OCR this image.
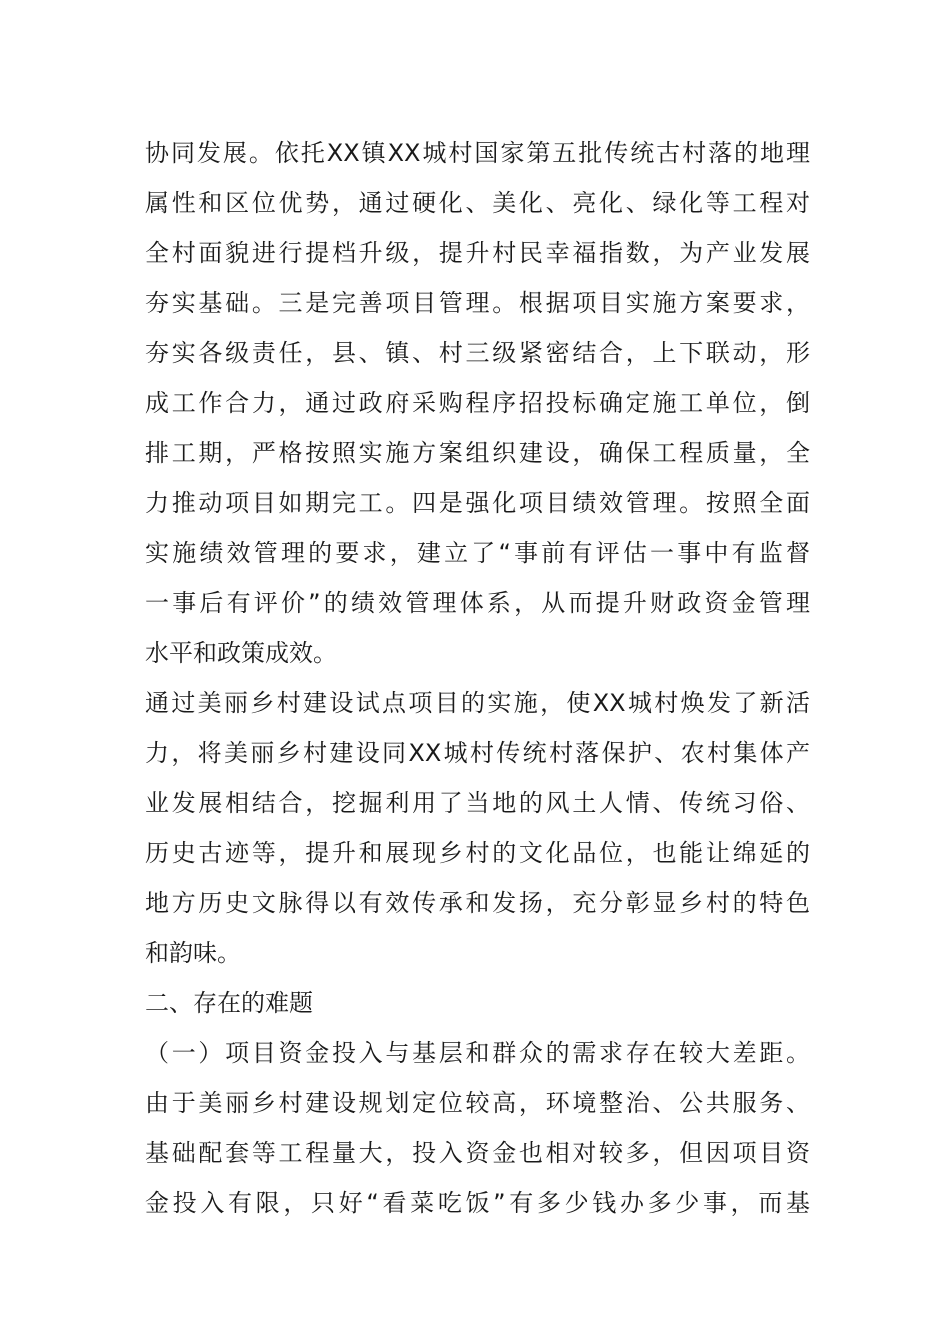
协同发展。依托XX镇XX城村国家第五批传统古村落的地理
属性和区位优势，通过硬化、美化、亮化、绿化等工程对
全村面貌进行提档升级，提升村民幸福指数，为产业发展
夯实基础。三是完善项目管理。根据项目实施方案要求，
夯实各级责任，县、镇、村三级紧密结合，上下联动，形
成工作合力，通过政府采购程序招投标确定施工单位，倒
排工期，严格按照实施方案组织建设，确保工程质量，全
力推动项目如期完工。四是强化项目绩效管理。按照全面
实施绩效管理的要求，建立了“事前有评估一事中有监督
一事后有评价”的绩效管理体系，从而提升财政资金管理
水平和政策成效。
通过美丽乡村建设试点项目的实施，使XX城村焕发了新活
力，将美丽乡村建设同XX城村传统村落保护、农村集体产
业发展相结合，挖掘利用了当地的风土人情、传统习俗、
历史古迹等，提升和展现乡村的文化品位，也能让绵延的
地方历史文脉得以有效传承和发扬，充分彰显乡村的特色
和韵味。
二、存在的难题
（一）项目资金投入与基层和群众的需求存在较大差距。
由于美丽乡村建设规划定位较高，环境整治、公共服务、
基础配套等工程量大，投入资金也相对较多，但因项目资
金投入有限，只好“看菜吃饭”有多少钱办多少事，而基
